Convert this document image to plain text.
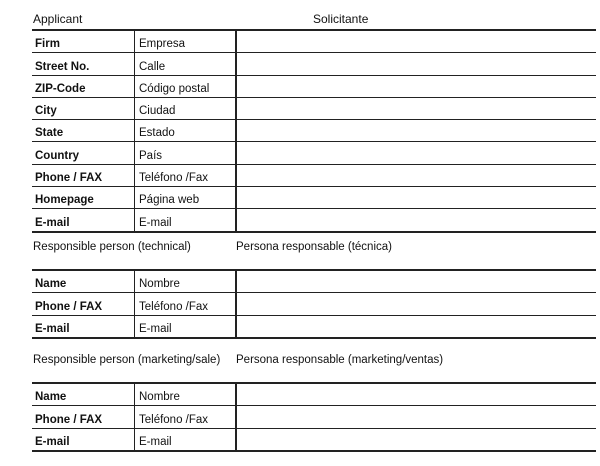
Applicant	Solicitante
Firm	Empresa
Street No.	Calle
ZIP-Code	Código postal
City	Ciudad
State	Estado
Country	País
Phone / FAX	Teléfono /Fax
Homepage	Página web
E-mail	E-mail
Responsible person (technical)	Persona responsable (técnica)
Name	Nombre
Phone / FAX	Teléfono /Fax
E-mail	E-mail
Responsible person (marketing/sale) Persona responsable (marketing/ventas)
Name	Nombre
Phone / FAX	Teléfono /Fax
E-mail	E-mail
